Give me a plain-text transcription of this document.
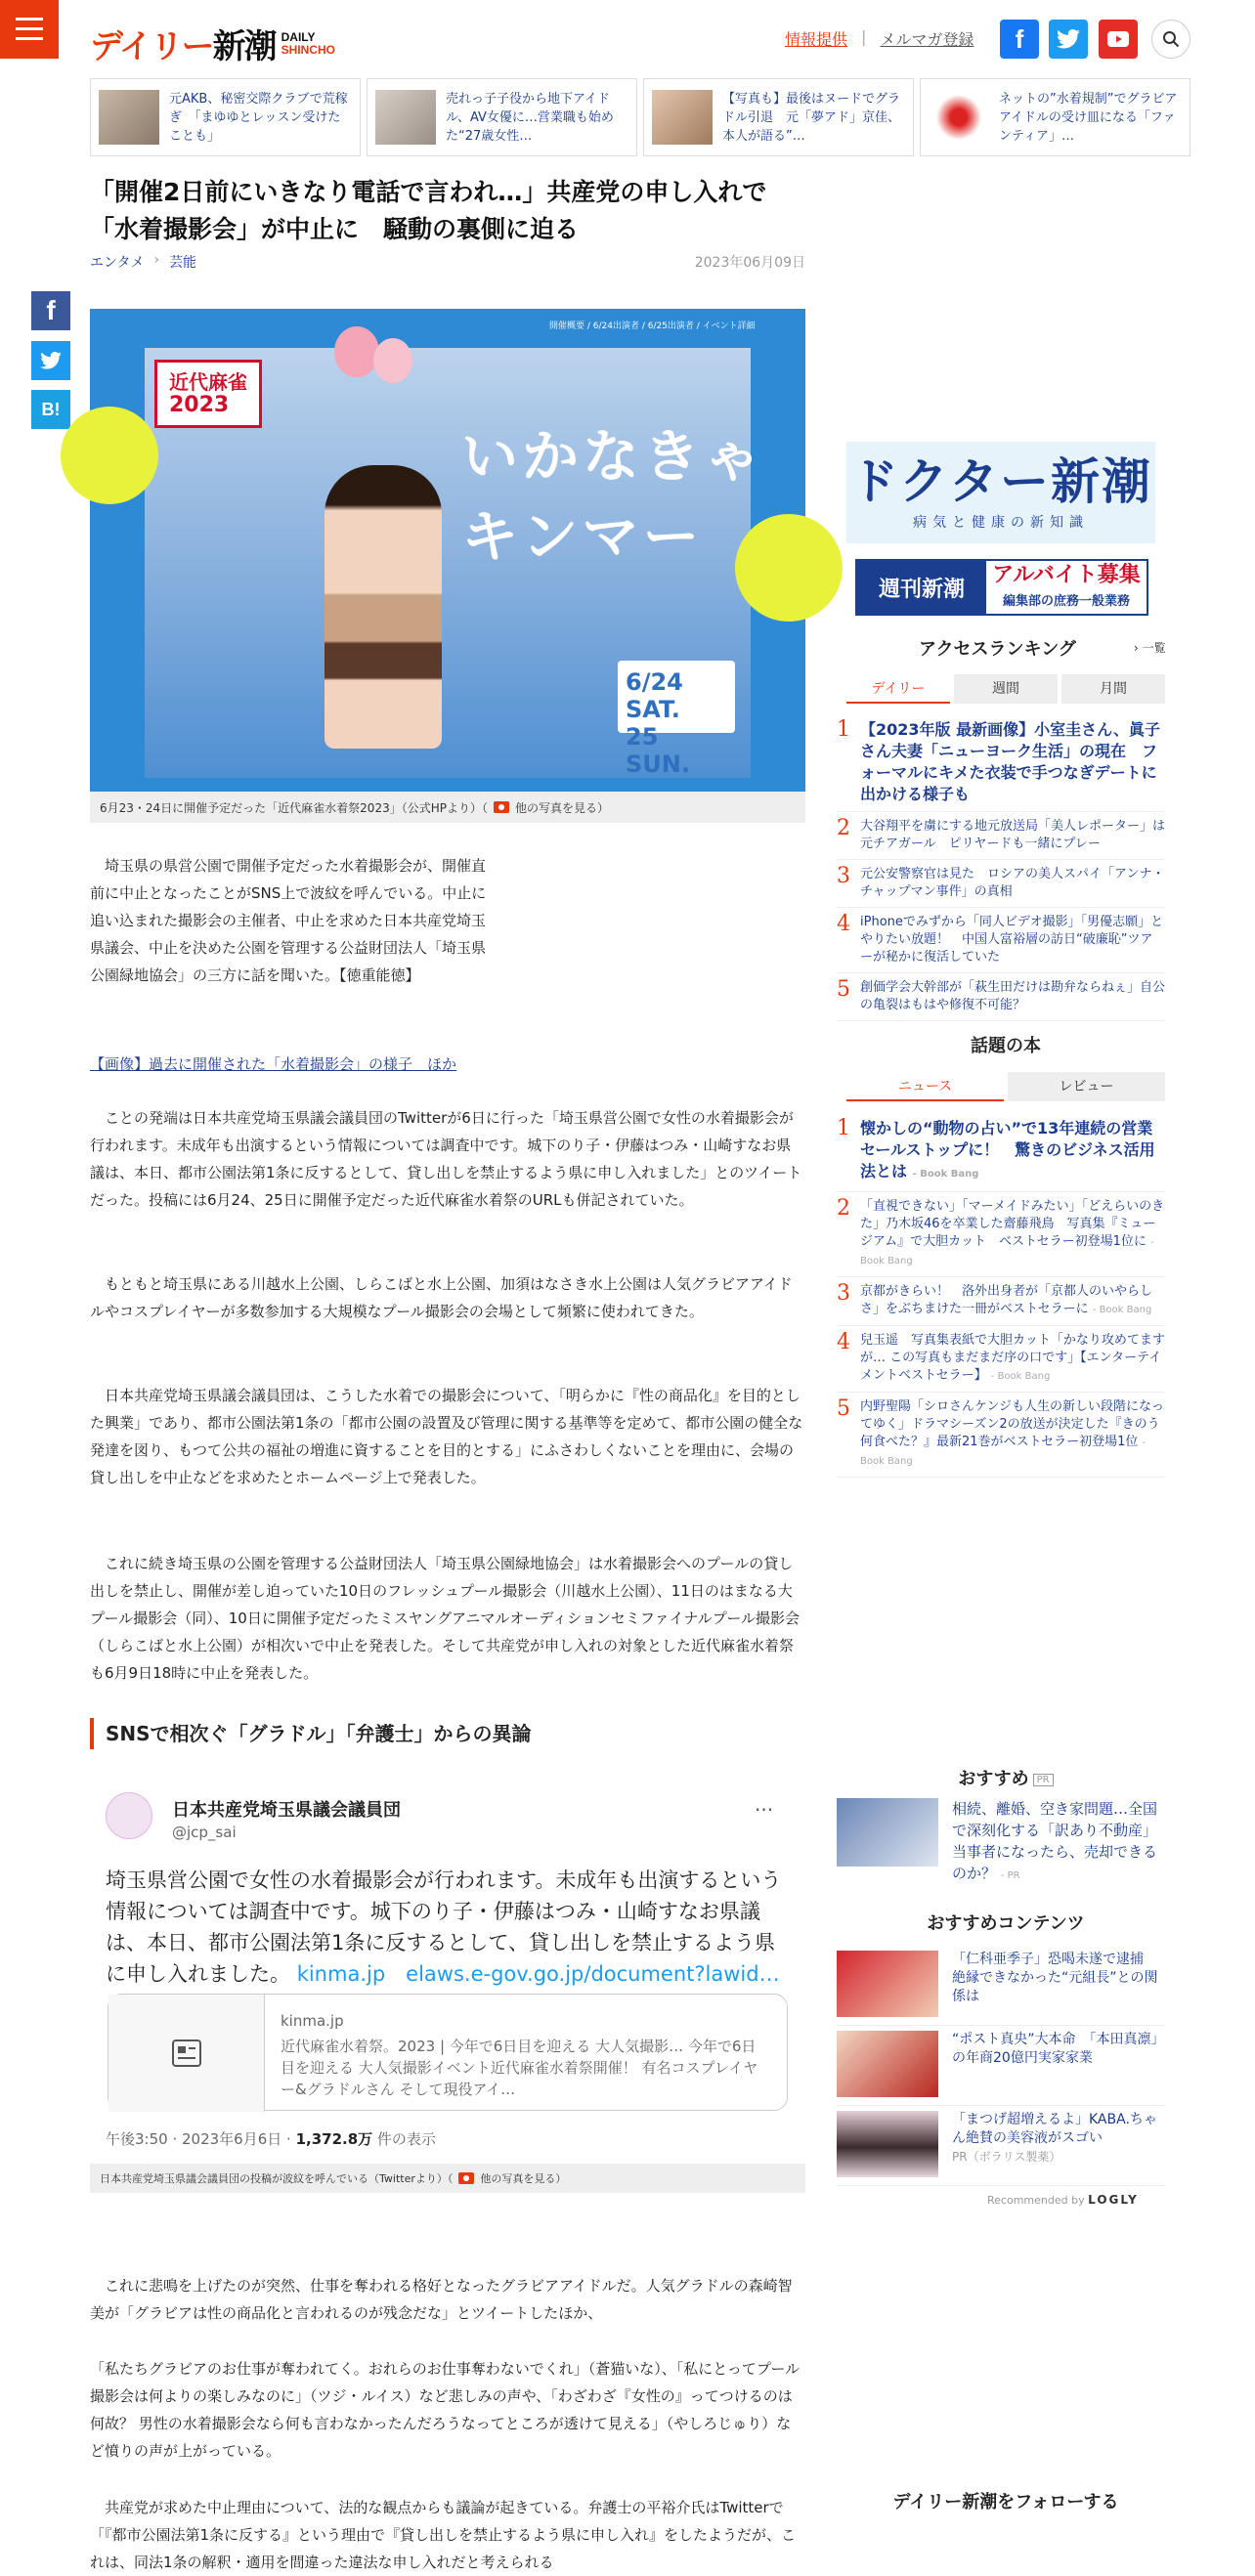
デイリー新潮 DAILY
SHINCHO
情報提供 | メルマガ登録	f
元AKB、秘密交際クラブで荒稼ぎ　「まゆゆとレッスン受けたことも」
売れっ子子役から地下アイドル、AV女優に…営業職も始めた“27歳女性…
【写真も】最後はヌードでグラドル引退　元「夢アド」京佳、本人が語る”…
ネットの”水着規制”でグラビアアイドルの受け皿になる「ファンティア」…
「開催2日前にいきなり電話で言われ…」共産党の申し入れで「水着撮影会」が中止に　騒動の裏側に迫る
エンタメ › 芸能	2023年06月09日
f
B!
近代麻雀
2023
いかなきゃ
キンマー
6/24 SAT.
25 SUN.
開催概要 / 6/24出演者 / 6/25出演者 / イベント詳細
6月23・24日に開催予定だった「近代麻雀水着祭2023」（公式HPより）（ 他の写真を見る）

埼玉県の県営公園で開催予定だった水着撮影会が、開催直前に中止となったことがSNS上で波紋を呼んでいる。中止に追い込まれた撮影会の主催者、中止を求めた日本共産党埼玉県議会、中止を決めた公園を管理する公益財団法人「埼玉県公園緑地協会」の三方に話を聞いた。【徳重能徳】

【画像】過去に開催された「水着撮影会」の様子　ほか

ことの発端は日本共産党埼玉県議会議員団のTwitterが6日に行った「埼玉県営公園で女性の水着撮影会が行われます。未成年も出演するという情報については調査中です。城下のり子・伊藤はつみ・山崎すなお県議は、本日、都市公園法第1条に反するとして、貸し出しを禁止するよう県に申し入れました」とのツイートだった。投稿には6月24、25日に開催予定だった近代麻雀水着祭のURLも併記されていた。

もともと埼玉県にある川越水上公園、しらこばと水上公園、加須はなさき水上公園は人気グラビアアイドルやコスプレイヤーが多数参加する大規模なプール撮影会の会場として頻繁に使われてきた。

日本共産党埼玉県議会議員団は、こうした水着での撮影会について、「明らかに『性の商品化』を目的とした興業」であり、都市公園法第1条の「都市公園の設置及び管理に関する基準等を定めて、都市公園の健全な発達を図り、もつて公共の福祉の増進に資することを目的とする」にふさわしくないことを理由に、会場の貸し出しを中止などを求めたとホームページ上で発表した。

これに続き埼玉県の公園を管理する公益財団法人「埼玉県公園緑地協会」は水着撮影会へのプールの貸し出しを禁止し、開催が差し迫っていた10日のフレッシュプール撮影会（川越水上公園）、11日のはまなる大プール撮影会（同）、10日に開催予定だったミスヤングアニマルオーディションセミファイナルプール撮影会（しらこばと水上公園）が相次いで中止を発表した。そして共産党が申し入れの対象とした近代麻雀水着祭も6月9日18時に中止を発表した。

SNSで相次ぐ「グラドル」「弁護士」からの異論
日本共産党埼玉県議会議員団
@jcp_sai
···
埼玉県営公園で女性の水着撮影会が行われます。未成年も出演するという情報については調査中です。城下のり子・伊藤はつみ・山崎すなお県議は、本日、都市公園法第1条に反するとして、貸し出しを禁止するよう県に申し入れました。 kinma.jp　elaws.e-gov.go.jp/document?lawid…
kinma.jp
近代麻雀水着祭。2023 | 今年で6日目を迎える 大人気撮影… 今年で6日目を迎える 大人気撮影イベント近代麻雀水着祭開催！ 有名コスプレイヤー&グラドルさん そして現役アイ…
午後3:50 · 2023年6月6日 · 1,372.8万 件の表示
日本共産党埼玉県議会議員団の投稿が波紋を呼んでいる（Twitterより）（	他の写真を見る）

これに悲鳴を上げたのが突然、仕事を奪われる格好となったグラビアアイドルだ。人気グラドルの森崎智美が「グラビアは性の商品化と言われるのが残念だな」とツイートしたほか、

「私たちグラビアのお仕事が奪われてく。おれらのお仕事奪わないでくれ」（蒼猫いな）、「私にとってプール撮影会は何よりの楽しみなのに」（ツジ・ルイス）など悲しみの声や、「わざわざ『女性の』ってつけるのは何故？ 男性の水着撮影会なら何も言わなかったんだろうなってところが透けて見える」（やしろじゅり）など憤りの声が上がっている。

共産党が求めた中止理由について、法的な観点からも議論が起きている。弁護士の平裕介氏はTwitterで「『都市公園法第1条に反する』という理由で『貸し出しを禁止するよう県に申し入れ』をしたようだが、これは、同法1条の解釈・適用を間違った違法な申し入れだと考えられる

ドクター新潮
病気と健康の新知識
週刊新潮
アルバイト募集
編集部の庶務一般業務
アクセスランキング	› 一覧
デイリー	週間	月間
1 【2023年版 最新画像】小室圭さん、眞子さん夫妻「ニューヨーク生活」の現在　フォーマルにキメた衣装で手つなぎデートに出かける様子も
2 大谷翔平を虜にする地元放送局「美人レポーター」は元チアガール　ピリヤードも一緒にプレー
3 元公安警察官は見た　ロシアの美人スパイ「アンナ・チャップマン事件」の真相
4 iPhoneでみずから「同人ビデオ撮影」「男優志願」とやりたい放題！　中国人富裕層の訪日“破廉恥”ツアーが秘かに復活していた
5 創価学会大幹部が「萩生田だけは勘弁ならねぇ」自公の亀裂はもはや修復不可能？
話題の本
ニュース	レビュー
1 懐かしの“動物の占い”で13年連続の営業セールストップに！　驚きのビジネス活用法とは - Book Bang
2 「直視できない」「マーメイドみたい」「どえらいのきた」乃木坂46を卒業した齋藤飛鳥　写真集『ミュージアム』で大胆カット　ベストセラー初登場1位に - Book Bang
3 京都がきらい！　洛外出身者が「京都人のいやらしさ」をぶちまけた一冊がベストセラーに - Book Bang
4 兒玉遥　写真集表紙で大胆カット「かなり攻めてますが… この写真もまだまだ序の口です」【エンターテイメントベストセラー】 - Book Bang
5 内野聖陽「シロさんケンジも人生の新しい段階になってゆく」ドラマシーズン2の放送が決定した『きのう何食べた？』最新21巻がベストセラー初登場1位 - Book Bang
おすすめ PR
相続、離婚、空き家問題…全国で深刻化する「訳あり不動産」当事者になったら、売却できるのか？ - PR
おすすめコンテンツ
「仁科亜季子」恐喝未遂で逮捕　絶縁できなかった“元組長”との関係は
“ポスト真央”大本命　「本田真凛」の年商20億円実家家業
「まつげ超増えるよ」KABA.ちゃん絶賛の美容液がスゴい
PR（ボラリス製薬）
Recommended by LOGLY
デイリー新潮をフォローする
